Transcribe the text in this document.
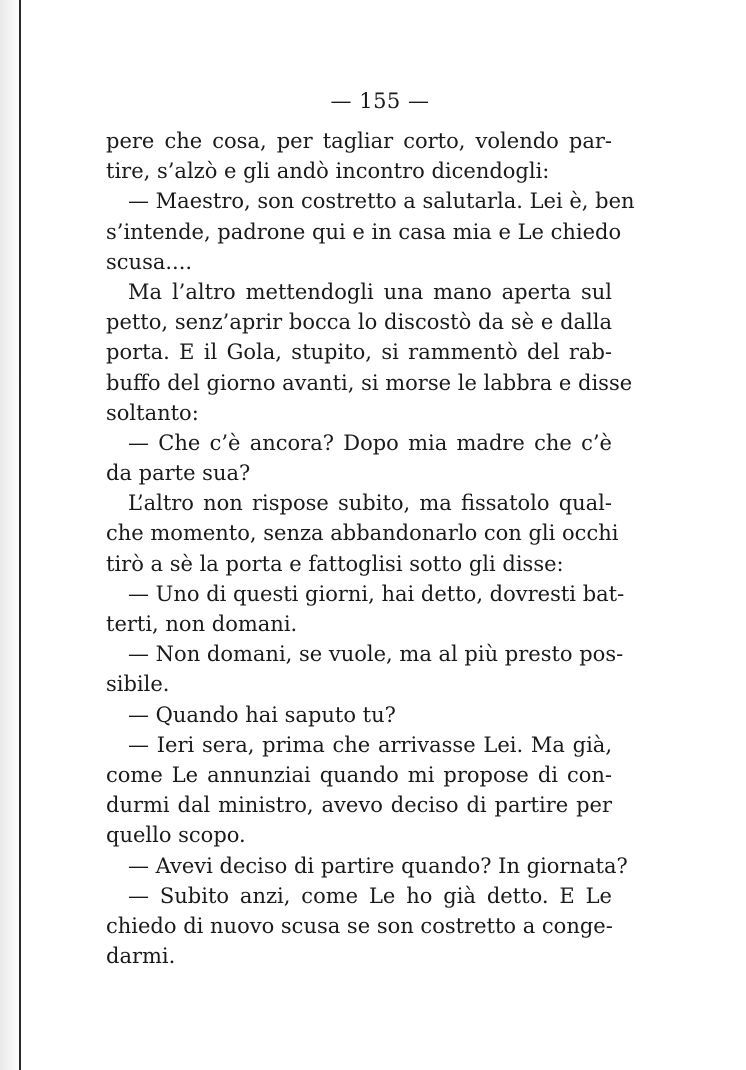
— 155 —
pere che cosa, per tagliar corto, volendo par-
tire, s’alzò e gli andò incontro dicendogli:
— Maestro, son costretto a salutarla. Lei è, ben
s’intende, padrone qui e in casa mia e Le chiedo
scusa....
Ma l’altro mettendogli una mano aperta sul
petto, senz’aprir bocca lo discostò da sè e dalla
porta. E il Gola, stupito, si rammentò del rab-
buffo del giorno avanti, si morse le labbra e disse
soltanto:
— Che c’è ancora? Dopo mia madre che c’è
da parte sua?
L’altro non rispose subito, ma fissatolo qual-
che momento, senza abbandonarlo con gli occhi
tirò a sè la porta e fattoglisi sotto gli disse:
— Uno di questi giorni, hai detto, dovresti bat-
terti, non domani.
— Non domani, se vuole, ma al più presto pos-
sibile.
— Quando hai saputo tu?
— Ieri sera, prima che arrivasse Lei. Ma già,
come Le annunziai quando mi propose di con-
durmi dal ministro, avevo deciso di partire per
quello scopo.
— Avevi deciso di partire quando? In giornata?
— Subito anzi, come Le ho già detto. E Le
chiedo di nuovo scusa se son costretto a conge-
darmi.
